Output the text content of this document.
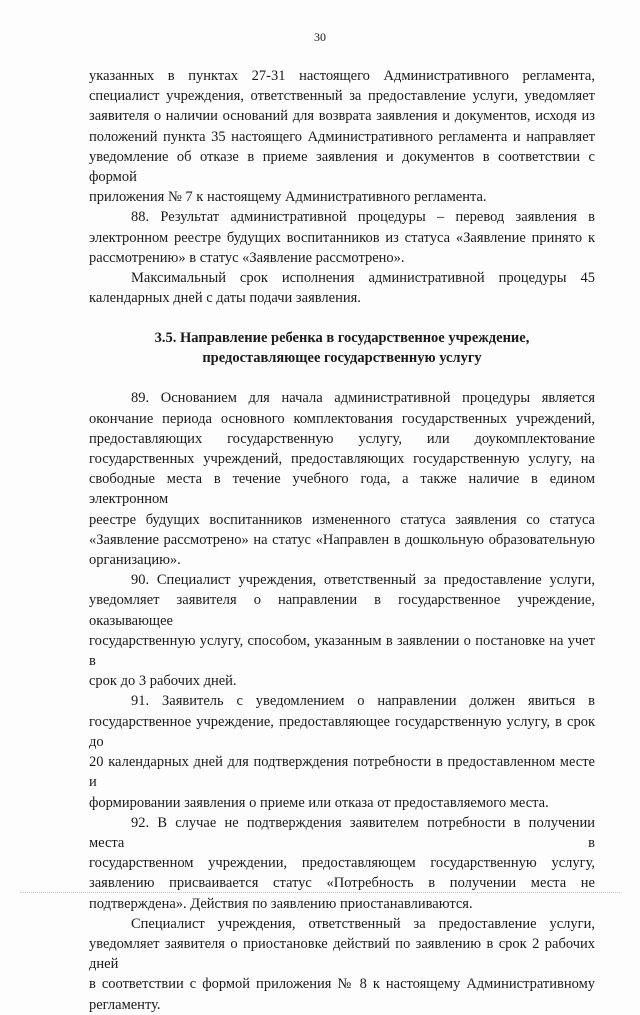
30

указанных в пунктах 27-31 настоящего Административного регламента,

специалист учреждения, ответственный за предоставление услуги, уведомляет

заявителя о наличии оснований для возврата заявления и документов, исходя из

положений пункта 35 настоящего Административного регламента и направляет

уведомление об отказе в приеме заявления и документов в соответствии с формой

приложения № 7 к настоящему Административного регламента.

88. Результат административной процедуры – перевод заявления в

электронном реестре будущих воспитанников из статуса «Заявление принято к

рассмотрению» в статус «Заявление рассмотрено».

Максимальный срок исполнения административной процедуры 45

календарных дней с даты подачи заявления.

3.5. Направление ребенка в государственное учреждение,
предоставляющее государственную услугу

89. Основанием для начала административной процедуры является

окончание периода основного комплектования государственных учреждений,

предоставляющих государственную услугу, или доукомплектование

государственных учреждений, предоставляющих государственную услугу, на

свободные места в течение учебного года, а также наличие в едином электронном

реестре будущих воспитанников измененного статуса заявления со статуса

«Заявление рассмотрено» на статус «Направлен в дошкольную образовательную

организацию».

90. Специалист учреждения, ответственный за предоставление услуги,

уведомляет заявителя о направлении в государственное учреждение, оказывающее

государственную услугу, способом, указанным в заявлении о постановке на учет в

срок до 3 рабочих дней.

91. Заявитель с уведомлением о направлении должен явиться в

государственное учреждение, предоставляющее государственную услугу, в срок до

20 календарных дней для подтверждения потребности в предоставленном месте и

формировании заявления о приеме или отказа от предоставляемого места.

92. В случае не подтверждения заявителем потребности в получении места в

государственном учреждении, предоставляющем государственную услугу,

заявлению присваивается статус «Потребность в получении места не

подтверждена». Действия по заявлению приостанавливаются.

Специалист учреждения, ответственный за предоставление услуги,

уведомляет заявителя о приостановке действий по заявлению в срок 2 рабочих дней

в соответствии с формой приложения № 8 к настоящему Административному

регламенту.
